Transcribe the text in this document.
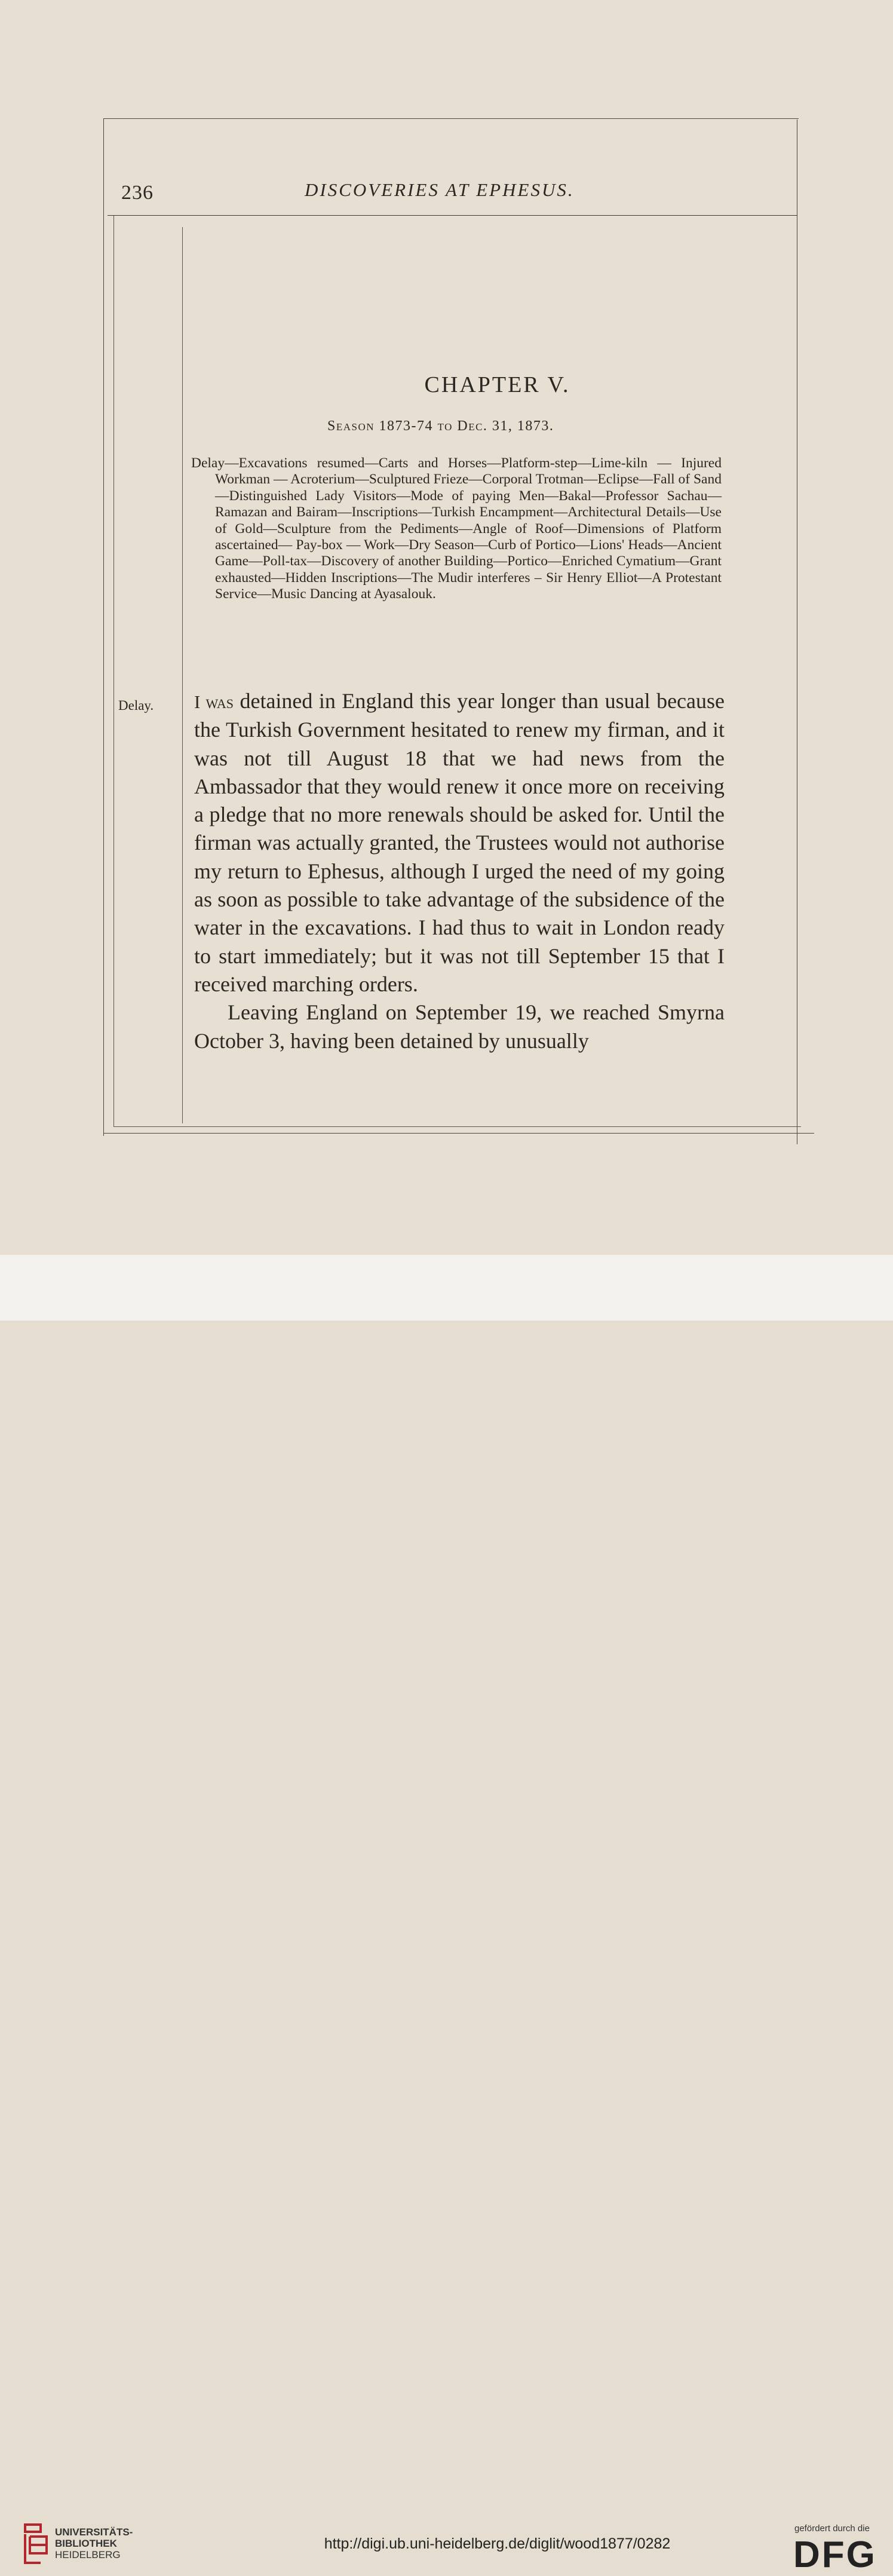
236	DISCOVERIES AT EPHESUS.
CHAPTER V.
Season 1873-74 to Dec. 31, 1873.

Delay—Excavations resumed—Carts and Horses—Platform-step—Lime-kiln — Injured Workman — Acroterium—Sculptured Frieze—Corporal Trotman—Eclipse—Fall of Sand—Distinguished Lady Visitors—Mode of paying Men—Bakal—Professor Sachau—Ramazan and Bairam—Inscriptions—Turkish Encampment—Architectural Details—Use of Gold—Sculpture from the Pediments—Angle of Roof—Dimensions of Platform ascertained— Pay-box — Work—Dry Season—Curb of Portico—Lions' Heads—Ancient Game—Poll-tax—Discovery of another Building—Portico—Enriched Cymatium—Grant exhausted—Hidden Inscriptions—The Mudir interferes – Sir Henry Elliot—A Protestant Service—Music Dancing at Ayasalouk.

Delay. I was detained in England this year longer than usual because the Turkish Government hesitated to renew my firman, and it was not till August 18 that we had news from the Ambassador that they would renew it once more on receiving a pledge that no more renewals should be asked for. Until the firman was actually granted, the Trustees would not authorise my return to Ephesus, although I urged the need of my going as soon as possible to take advantage of the subsidence of the water in the excavations. I had thus to wait in London ready to start immediately; but it was not till September 15 that I received marching orders.

Leaving England on September 19, we reached Smyrna October 3, having been detained by unusually

UNIVERSITÄTS-
BIBLIOTHEK
HEIDELBERG
http://digi.ub.uni-heidelberg.de/diglit/wood1877/0282
gefördert durch die
DFG
